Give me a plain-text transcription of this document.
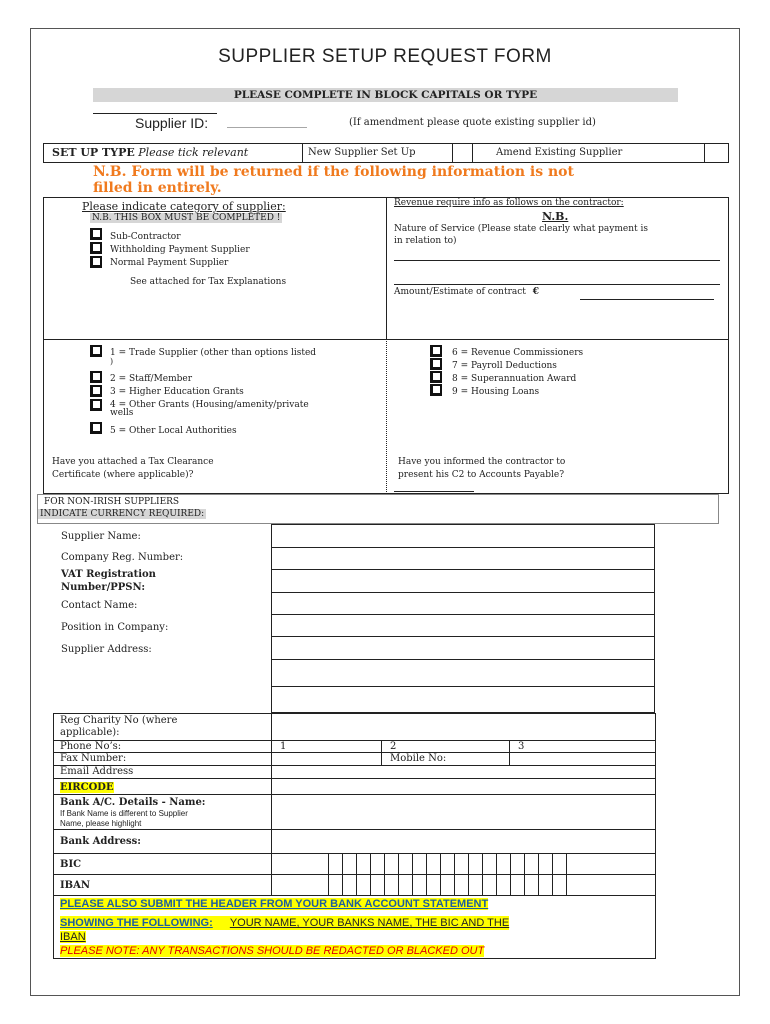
SUPPLIER SETUP REQUEST FORM
PLEASE COMPLETE IN BLOCK CAPITALS OR TYPE
Supplier ID: ________________	(If amendment please quote existing supplier id)
SET UP TYPE Please tick relevant	New Supplier Set Up	Amend Existing Supplier
N.B. Form will be returned if the following information is not
filled in entirely.
Please indicate category of supplier:
N.B. THIS BOX MUST BE COMPLETED !
Sub-Contractor
Withholding Payment Supplier
Normal Payment Supplier
See attached for Tax Explanations
Revenue require info as follows on the contractor:
N.B.
Nature of Service (Please state clearly what payment is
in relation to)
Amount/Estimate of contract €
1 = Trade Supplier (other than options listed
)
2 = Staff/Member
3 = Higher Education Grants
4 = Other Grants (Housing/amenity/private
wells
5 = Other Local Authorities
6 = Revenue Commissioners
7 = Payroll Deductions
8 = Superannuation Award
9 = Housing Loans
Have you attached a Tax Clearance
Certificate (where applicable)?
Have you informed the contractor to
present his C2 to Accounts Payable?
FOR NON-IRISH SUPPLIERS
INDICATE CURRENCY REQUIRED:

Supplier Name:
Company Reg. Number:
VAT Registration
Number/PPSN:
Contact Name:
Position in Company:
Supplier Address:
Reg Charity No (where
applicable):			

Phone No’s:	1	2	3
Fax Number:		Mobile No:	
Email Address			
EIRCODE			

Bank A/C. Details - Name:
If Bank Name is different to Supplier
Name, please highlight			

Bank Address:			
BIC			

IBAN			

PLEASE ALSO SUBMIT THE HEADER FROM YOUR BANK ACCOUNT STATEMENT
SHOWING THE FOLLOWING: YOUR NAME, YOUR BANKS NAME, THE BIC AND THE
IBAN
PLEASE NOTE: ANY TRANSACTIONS SHOULD BE REDACTED OR BLACKED OUT			
